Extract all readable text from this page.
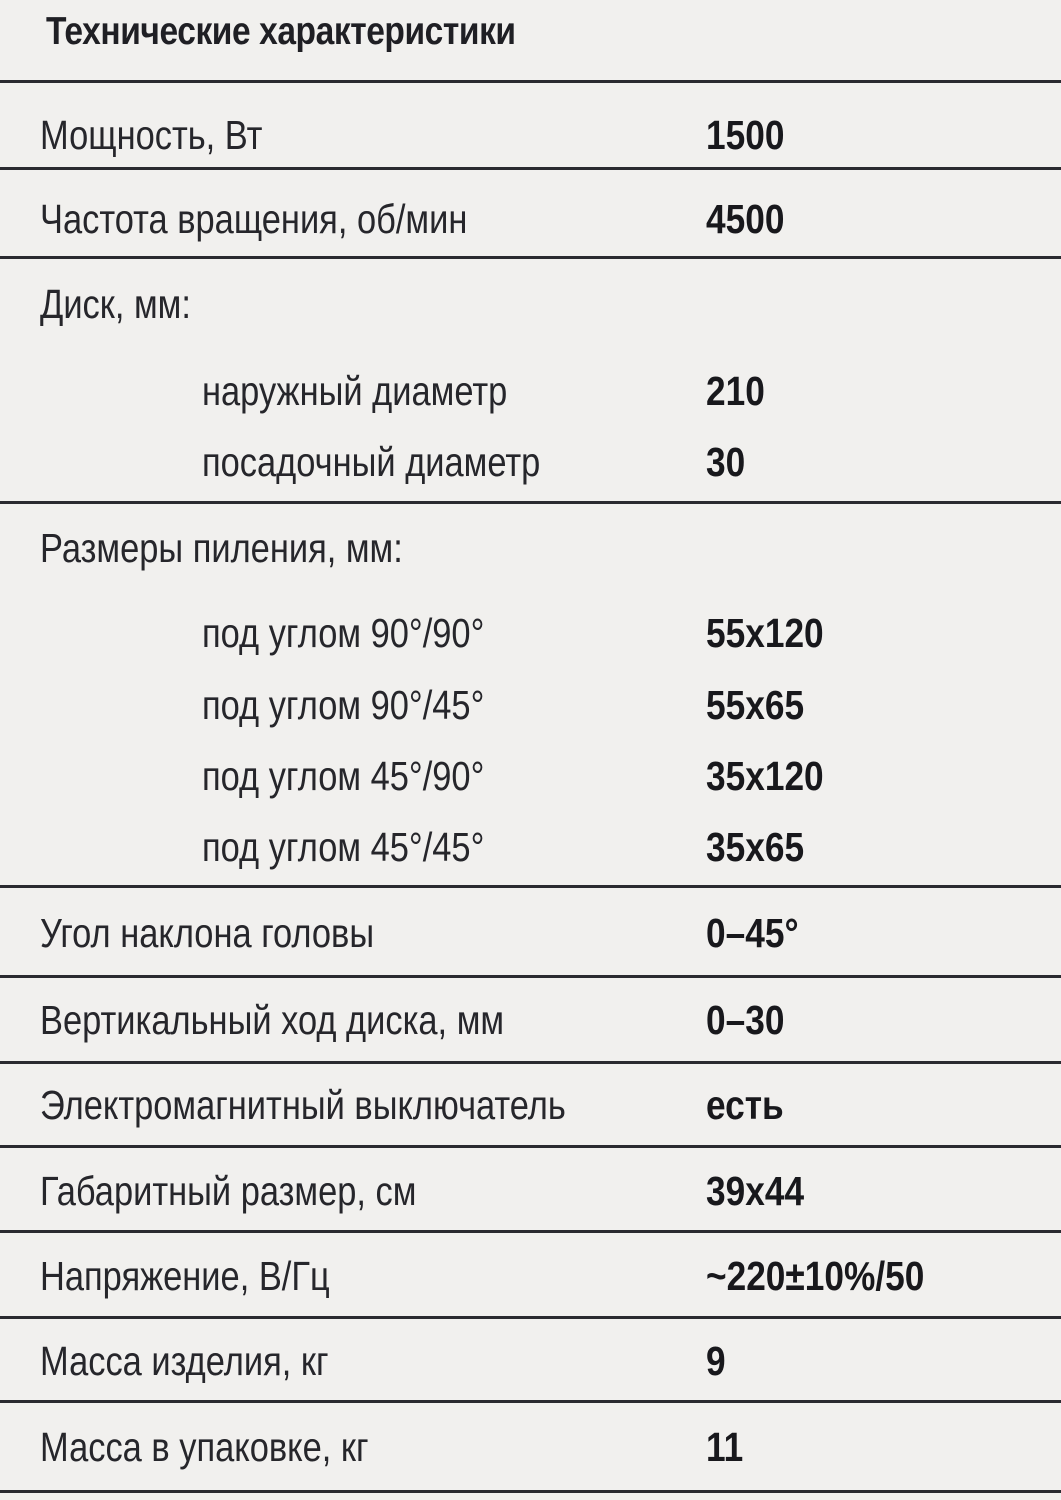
Технические характеристики
Мощность, Вт	1500
Частота вращения, об/мин	4500
Диск, мм:
наружный диаметр	210
посадочный диаметр	30
Размеры пиления, мм:
под углом 90°/90°	55x120
под углом 90°/45°	55x65
под углом 45°/90°	35x120
под углом 45°/45°	35x65
Угол наклона головы	0–45°
Вертикальный ход диска, мм	0–30
Электромагнитный выключатель	есть
Габаритный размер, см	39x44
Напряжение, В/Гц	~220±10%/50
Масса изделия, кг	9
Масса в упаковке, кг	11
